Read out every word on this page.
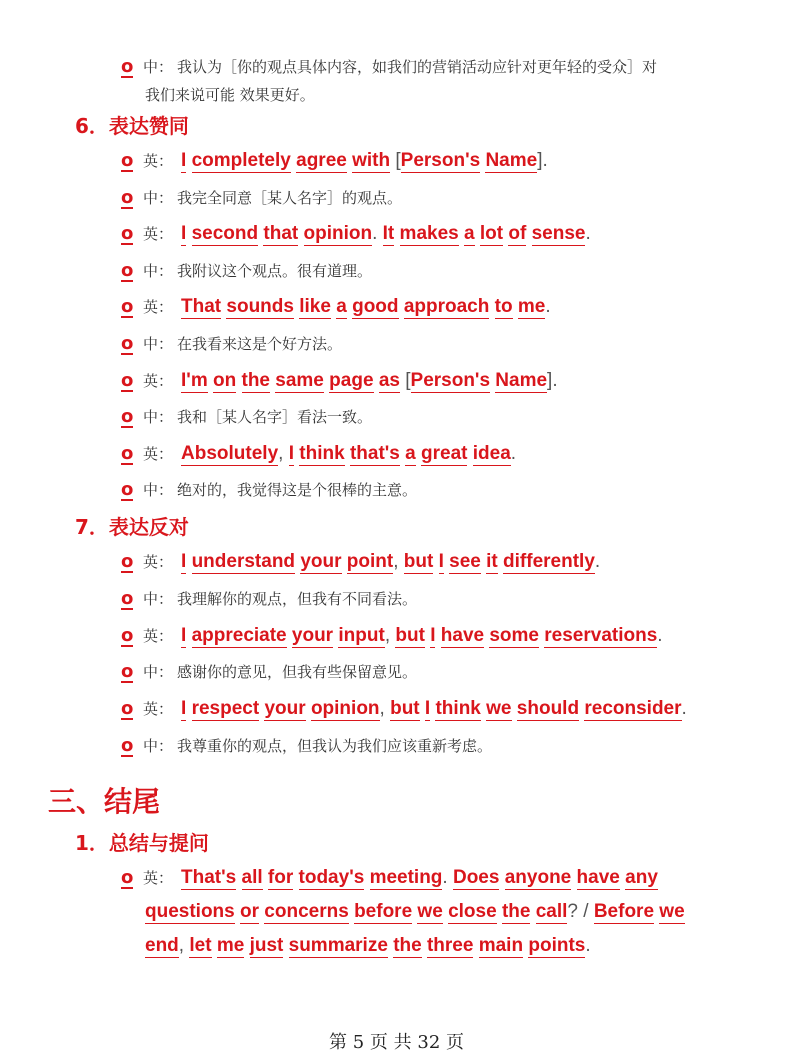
o 中： 我认为［你的观点具体内容，如我们的营销活动应针对更年轻的受众］对
我们来说可能 效果更好。
6．表达赞同
o 英： I completely agree with [Person's Name].
o 中： 我完全同意［某人名字］的观点。
o 英： I second that opinion. It makes a lot of sense.
o 中： 我附议这个观点。很有道理。
o 英： That sounds like a good approach to me.
o 中： 在我看来这是个好方法。
o 英： I'm on the same page as [Person's Name].
o 中： 我和［某人名字］看法一致。
o 英： Absolutely, I think that's a great idea.
o 中： 绝对的，我觉得这是个很棒的主意。
7．表达反对
o 英： I understand your point, but I see it differently.
o 中： 我理解你的观点，但我有不同看法。
o 英： I appreciate your input, but I have some reservations.
o 中： 感谢你的意见，但我有些保留意见。
o 英： I respect your opinion, but I think we should reconsider.
o 中： 我尊重你的观点，但我认为我们应该重新考虑。
三、结尾
1．总结与提问
o 英： That's all for today's meeting. Does anyone have any
questions or concerns before we close the call? / Before we
end, let me just summarize the three main points.
第 5 页 共 32 页
